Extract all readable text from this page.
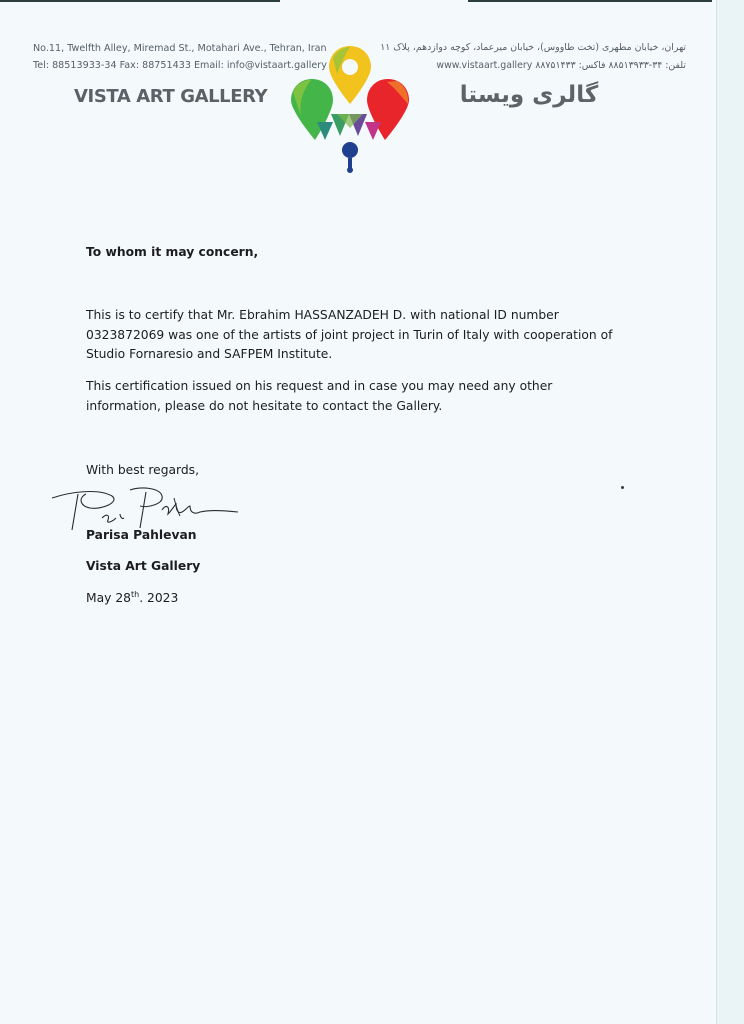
No.11, Twelfth Alley, Miremad St., Motahari Ave., Tehran, Iran
Tel: 88513933-34 Fax: 88751433 Email: info@vistaart.gallery
VISTA ART GALLERY
تهران، خیابان مطهری (تخت طاووس)، خیابان میرعماد، کوچه دوازدهم، پلاک ۱۱
تلفن: ۳۴-۸۸۵۱۳۹۳۳ فاکس: ۸۸۷۵۱۴۳۳ www.vistaart.gallery
گالری ویستا
To whom it may concern,
This is to certify that Mr. Ebrahim HASSANZADEH D. with national ID number
0323872069 was one of the artists of joint project in Turin of Italy with cooperation of
Studio Fornaresio and SAFPEM Institute.
This certification issued on his request and in case you may need any other
information, please do not hesitate to contact the Gallery.
With best regards,
Parisa Pahlevan
Vista Art Gallery
May 28th. 2023
